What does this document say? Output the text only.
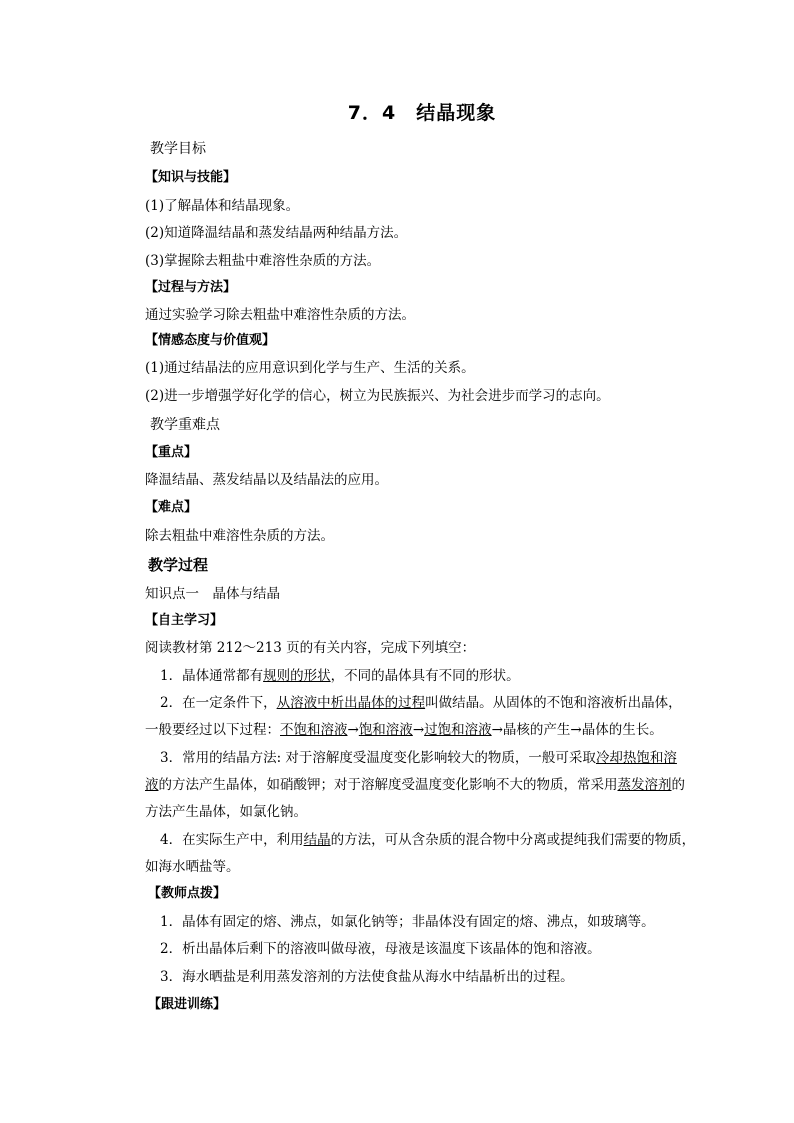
7．4　结晶现象
教学目标
【知识与技能】
(1)了解晶体和结晶现象。
(2)知道降温结晶和蒸发结晶两种结晶方法。
(3)掌握除去粗盐中难溶性杂质的方法。
【过程与方法】
通过实验学习除去粗盐中难溶性杂质的方法。
【情感态度与价值观】
(1)通过结晶法的应用意识到化学与生产、生活的关系。
(2)进一步增强学好化学的信心，树立为民族振兴、为社会进步而学习的志向。
教学重难点
【重点】
降温结晶、蒸发结晶以及结晶法的应用。
【难点】
除去粗盐中难溶性杂质的方法。
教学过程
知识点一　晶体与结晶
【自主学习】
阅读教材第 212～213 页的有关内容，完成下列填空：
1．晶体通常都有规则的形状，不同的晶体具有不同的形状。
2．在一定条件下，从溶液中析出晶体的过程叫做结晶。从固体的不饱和溶液析出晶体，
一般要经过以下过程：不饱和溶液→饱和溶液→过饱和溶液→晶核的产生→晶体的生长。
3．常用的结晶方法: 对于溶解度受温度变化影响较大的物质，一般可采取冷却热饱和溶
液的方法产生晶体，如硝酸钾；对于溶解度受温度变化影响不大的物质，常采用蒸发溶剂的
方法产生晶体，如氯化钠。
4．在实际生产中，利用结晶的方法，可从含杂质的混合物中分离或提纯我们需要的物质，
如海水晒盐等。
【教师点拨】
1．晶体有固定的熔、沸点，如氯化钠等；非晶体没有固定的熔、沸点，如玻璃等。
2．析出晶体后剩下的溶液叫做母液，母液是该温度下该晶体的饱和溶液。
3．海水晒盐是利用蒸发溶剂的方法使食盐从海水中结晶析出的过程。
【跟进训练】
